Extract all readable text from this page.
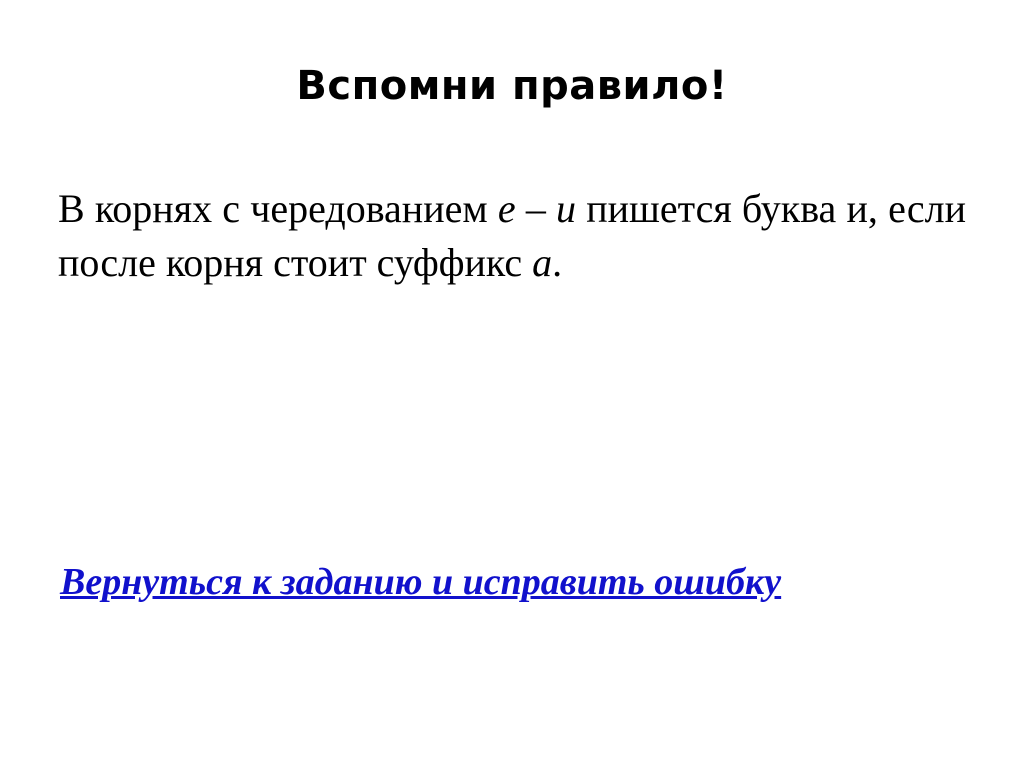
Вспомни правило!
В корнях с чередованием е – и пишется буква и, если после корня стоит суффикс а.
Вернуться к заданию и исправить ошибку
